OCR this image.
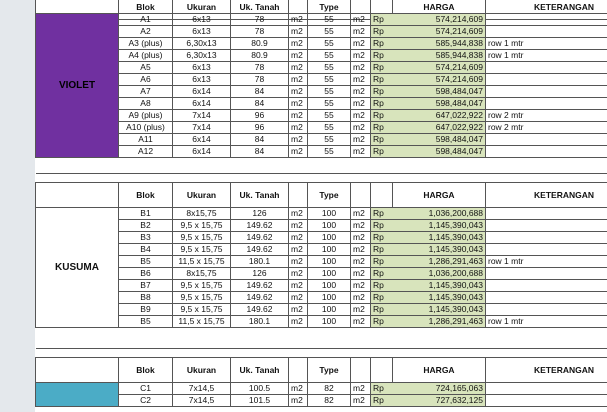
	Blok	Ukuran	Uk. Tanah		Type			HARGA	KETERANGAN
VIOLET	A1	6x13	78	m2	55	m2	Rp	574,214,609	
	A2	6x13	78	m2	55	m2	Rp	574,214,609	
	A3 (plus)	6,30x13	80.9	m2	55	m2	Rp	585,944,838	row 1 mtr
	A4 (plus)	6,30x13	80.9	m2	55	m2	Rp	585,944,838	row 1 mtr
	A5	6x13	78	m2	55	m2	Rp	574,214,609	
	A6	6x13	78	m2	55	m2	Rp	574,214,609	
	A7	6x14	84	m2	55	m2	Rp	598,484,047	
	A8	6x14	84	m2	55	m2	Rp	598,484,047	
	A9 (plus)	7x14	96	m2	55	m2	Rp	647,022,922	row 2 mtr
	A10 (plus)	7x14	96	m2	55	m2	Rp	647,022,922	row 2 mtr
	A11	6x14	84	m2	55	m2	Rp	598,484,047	
	A12	6x14	84	m2	55	m2	Rp	598,484,047	

	Blok	Ukuran	Uk. Tanah		Type			HARGA	KETERANGAN
KUSUMA	B1	8x15,75	126	m2	100	m2	Rp	1,036,200,688	
	B2	9,5 x 15,75	149.62	m2	100	m2	Rp	1,145,390,043	
	B3	9,5 x 15,75	149.62	m2	100	m2	Rp	1,145,390,043	
	B4	9,5 x 15,75	149.62	m2	100	m2	Rp	1,145,390,043	
	B5	11,5 x 15,75	180.1	m2	100	m2	Rp	1,286,291,463	row 1 mtr
	B6	8x15,75	126	m2	100	m2	Rp	1,036,200,688	
	B7	9,5 x 15,75	149.62	m2	100	m2	Rp	1,145,390,043	
	B8	9,5 x 15,75	149.62	m2	100	m2	Rp	1,145,390,043	
	B9	9,5 x 15,75	149.62	m2	100	m2	Rp	1,145,390,043	
	B5	11,5 x 15,75	180.1	m2	100	m2	Rp	1,286,291,463	row 1 mtr

	Blok	Ukuran	Uk. Tanah		Type			HARGA	KETERANGAN
	C1	7x14,5	100.5	m2	82	m2	Rp	724,165,063	
	C2	7x14,5	101.5	m2	82	m2	Rp	727,632,125	
